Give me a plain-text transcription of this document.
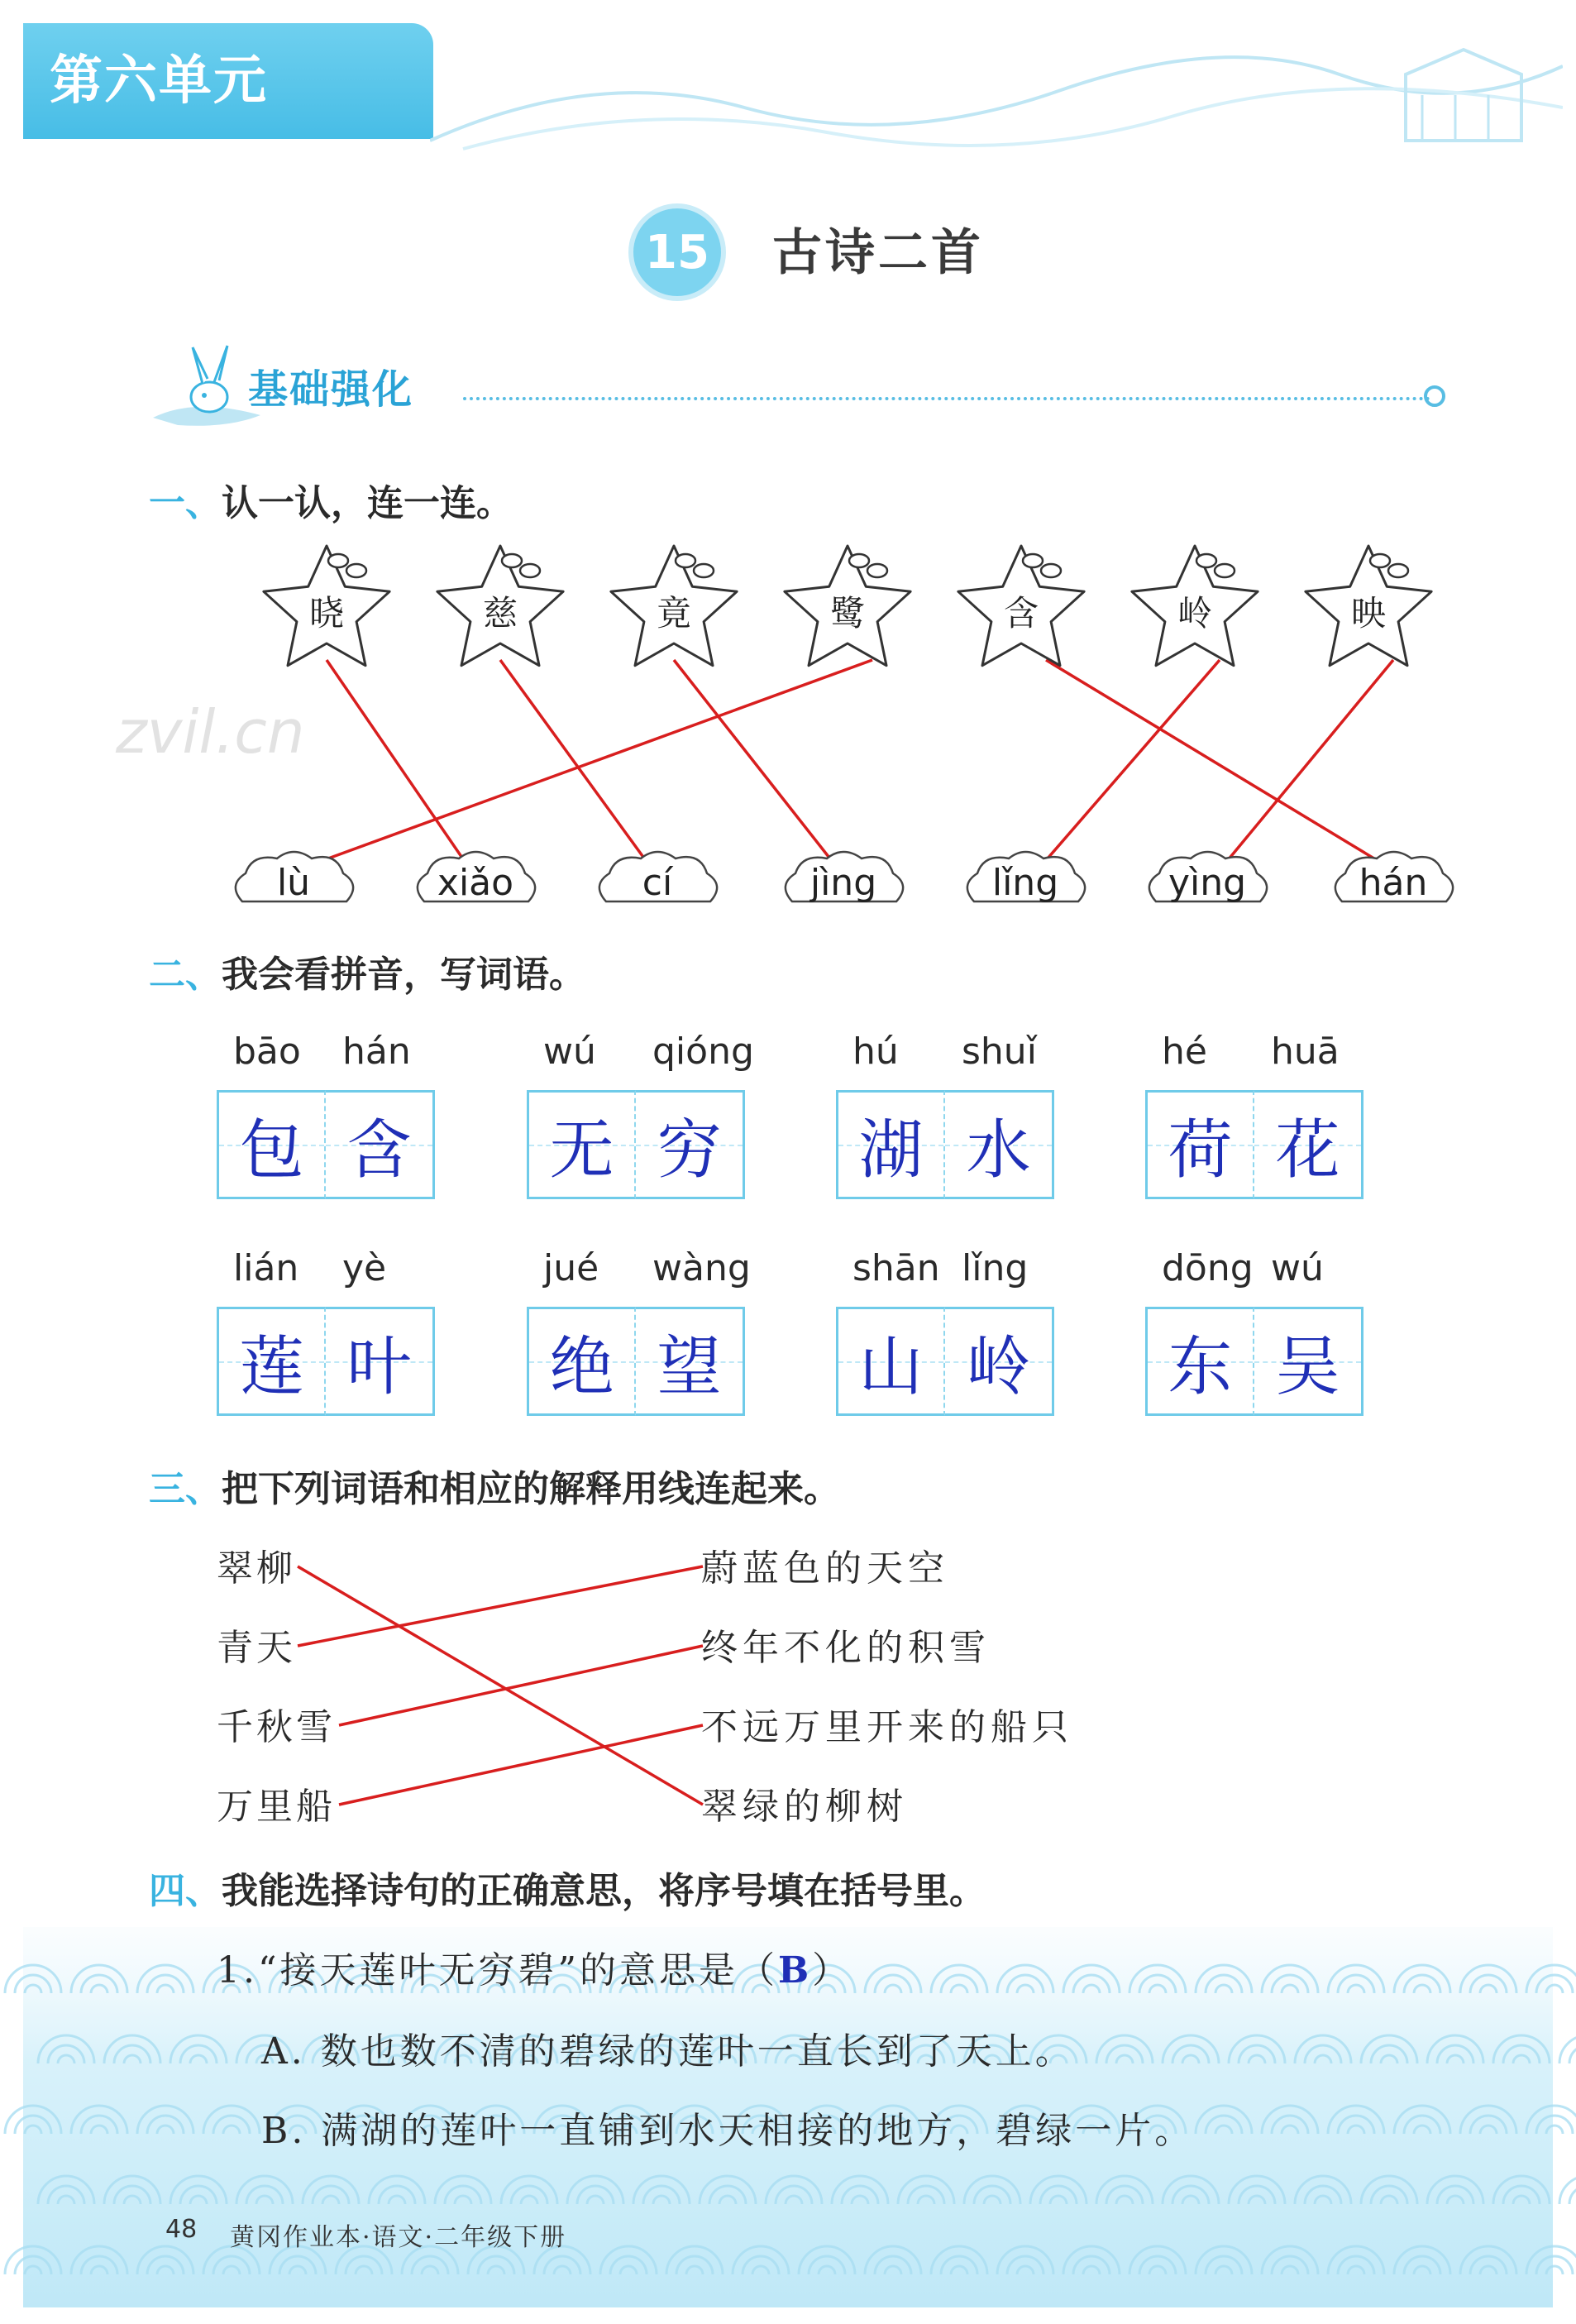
第六单元
15 古诗二首
基础强化
一、认一认，连一连。
晓	慈	竟	鹭	含	岭	映
lù	xiǎo	cí	jìng	lǐng	yìng	hán
zvil.cn
二、我会看拼音，写词语。
bāo hán
包 含
wú qióng
无 穷
hú shuǐ
湖 水
hé huā
荷 花
lián yè
莲 叶
jué wàng
绝 望
shān lǐng
山 岭
dōng wú
东 吴
三、把下列词语和相应的解释用线连起来。
翠柳
青天
千秋雪
万里船
蔚蓝色的天空
终年不化的积雪
不远万里开来的船只
翠绿的柳树
四、我能选择诗句的正确意思，将序号填在括号里。
1.“接天莲叶无穷碧”的意思是（B）
A. 数也数不清的碧绿的莲叶一直长到了天上。
B. 满湖的莲叶一直铺到水天相接的地方，碧绿一片。
48 黄冈作业本·语文·二年级下册
